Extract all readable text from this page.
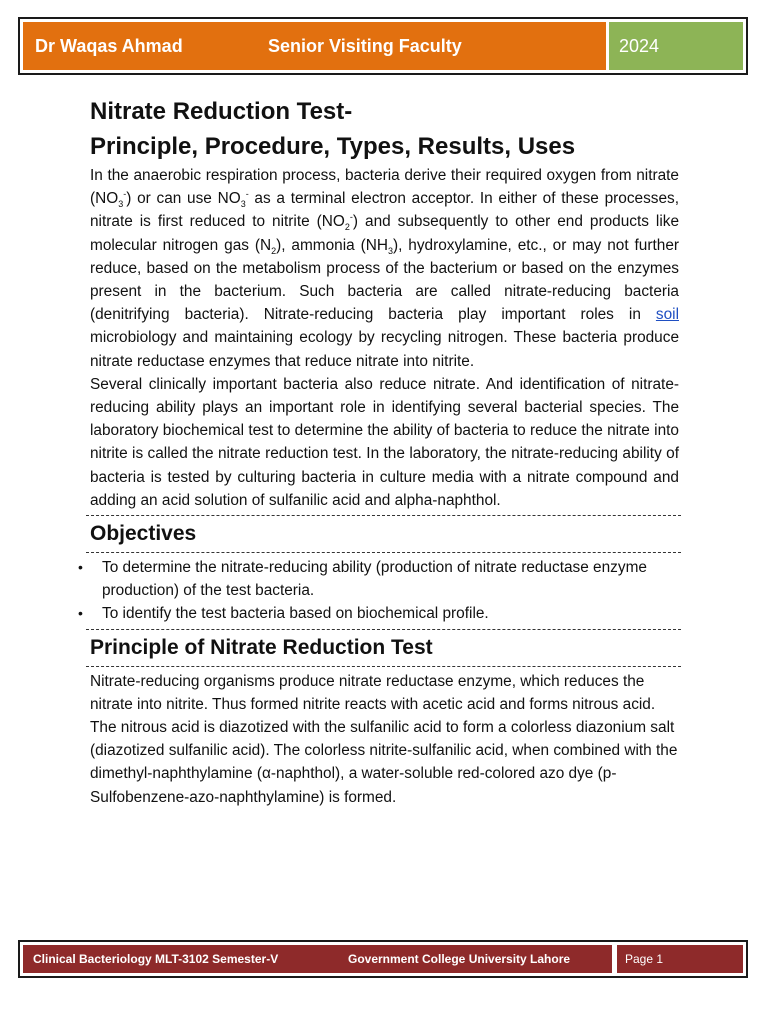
Dr Waqas Ahmad	Senior Visiting Faculty	2024
Nitrate Reduction Test-
Principle, Procedure, Types, Results, Uses

In the anaerobic respiration process, bacteria derive their required oxygen from nitrate $(NO_3^-)$ or can use $NO_3^-$ as a terminal electron acceptor. In either of these processes, nitrate is first reduced to nitrite $(NO_2^-)$ and subsequently to other end products like molecular nitrogen gas $(N_2)$, ammonia $(NH_3)$, hydroxylamine, etc., or may not further reduce, based on the metabolism process of the bacterium or based on the enzymes present in the bacterium. Such bacteria are called nitrate-reducing bacteria (denitrifying bacteria). Nitrate-reducing bacteria play important roles in soil microbiology and maintaining ecology by recycling nitrogen. These bacteria produce nitrate reductase enzymes that reduce nitrate into nitrite.

Several clinically important bacteria also reduce nitrate. And identification of nitrate-reducing ability plays an important role in identifying several bacterial species. The laboratory biochemical test to determine the ability of bacteria to reduce the nitrate into nitrite is called the nitrate reduction test. In the laboratory, the nitrate-reducing ability of bacteria is tested by culturing bacteria in culture media with a nitrate compound and adding an acid solution of sulfanilic acid and alpha-naphthol.

Objectives
• To determine the nitrate-reducing ability (production of nitrate reductase enzyme production) of the test bacteria.
• To identify the test bacteria based on biochemical profile.
Principle of Nitrate Reduction Test

Nitrate-reducing organisms produce nitrate reductase enzyme, which reduces the nitrate into nitrite. Thus formed nitrite reacts with acetic acid and forms nitrous acid. The nitrous acid is diazotized with the sulfanilic acid to form a colorless diazonium salt (diazotized sulfanilic acid). The colorless nitrite-sulfanilic acid, when combined with the dimethyl-naphthylamine (α-naphthol), a water-soluble red-colored azo dye (p-Sulfobenzene-azo-naphthylamine) is formed.

Clinical Bacteriology MLT-3102 Semester-V	Government College University Lahore	Page 1
